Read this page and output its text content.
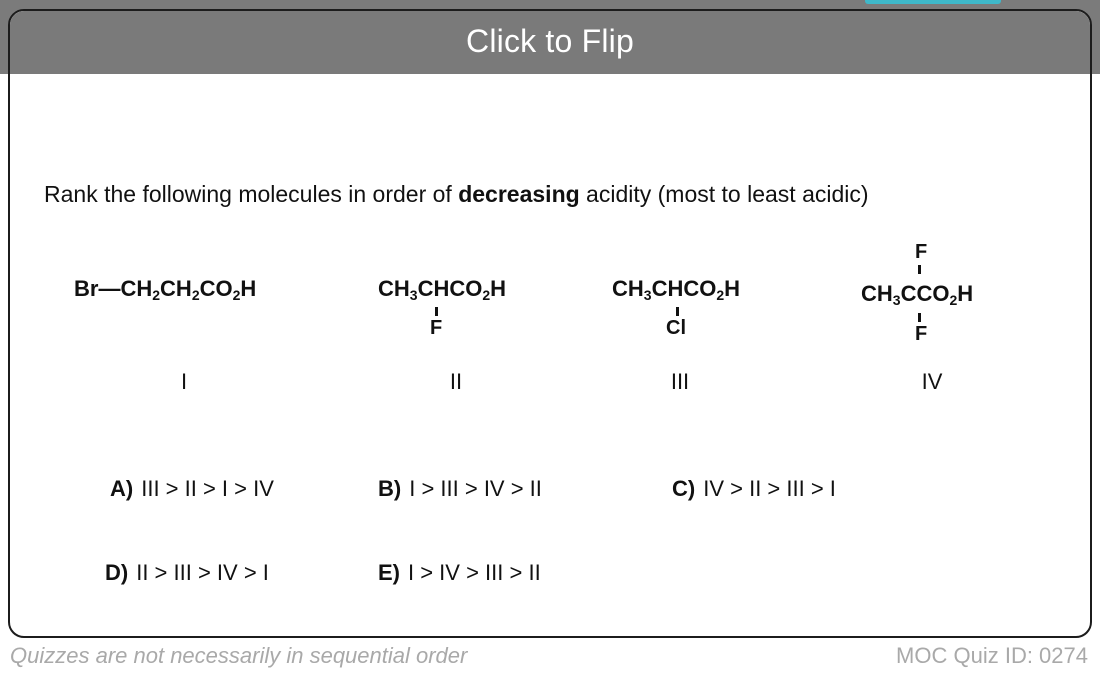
Click to Flip
Rank the following molecules in order of decreasing acidity (most to least acidic)
$Br—CH_2CH_2CO_2H$
I
$CH_3CHCO_2H$
F
II
$CH_3CHCO_2H$
Cl
III
F
$CH_3CCO_2H$
F
IV
A) III > II > I > IV	B) I > III > IV > II	C) IV > II > III > I
D) II > III > IV > I	E) I > IV > III > II
Quizzes are not necessarily in sequential order	MOC Quiz ID: 0274
